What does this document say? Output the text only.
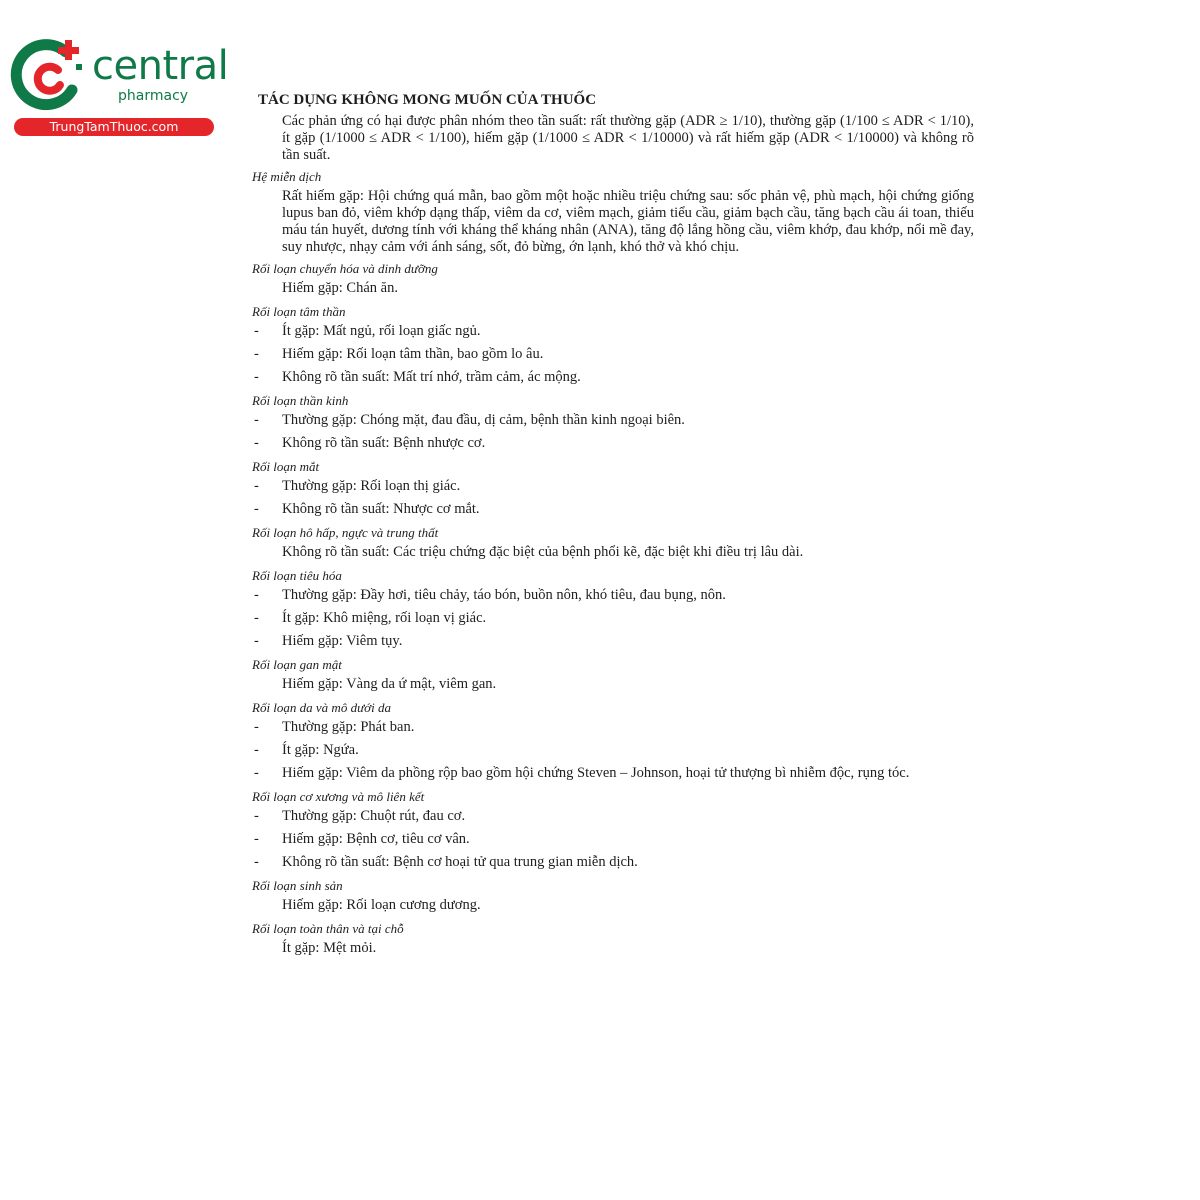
central
pharmacy
TrungTamThuoc.com
TÁC DỤNG KHÔNG MONG MUỐN CỦA THUỐC
Các phản ứng có hại được phân nhóm theo tần suất: rất thường gặp (ADR ≥ 1/10), thường gặp (1/100 ≤ ADR < 1/10), ít gặp (1/1000 ≤ ADR < 1/100), hiếm gặp (1/1000 ≤ ADR < 1/10000) và rất hiếm gặp (ADR < 1/10000) và không rõ tần suất.
Hệ miễn dịch
Rất hiếm gặp: Hội chứng quá mẫn, bao gồm một hoặc nhiều triệu chứng sau: sốc phản vệ, phù mạch, hội chứng giống lupus ban đỏ, viêm khớp dạng thấp, viêm da cơ, viêm mạch, giảm tiểu cầu, giảm bạch cầu, tăng bạch cầu ái toan, thiếu máu tán huyết, dương tính với kháng thể kháng nhân (ANA), tăng độ lắng hồng cầu, viêm khớp, đau khớp, nổi mề đay, suy nhược, nhạy cảm với ánh sáng, sốt, đỏ bừng, ớn lạnh, khó thở và khó chịu.
Rối loạn chuyển hóa và dinh dưỡng
Hiếm gặp: Chán ăn.
Rối loạn tâm thần
- Ít gặp: Mất ngủ, rối loạn giấc ngủ.
- Hiếm gặp: Rối loạn tâm thần, bao gồm lo âu.
- Không rõ tần suất: Mất trí nhớ, trầm cảm, ác mộng.
Rối loạn thần kinh
- Thường gặp: Chóng mặt, đau đầu, dị cảm, bệnh thần kinh ngoại biên.
- Không rõ tần suất: Bệnh nhược cơ.
Rối loạn mắt
- Thường gặp: Rối loạn thị giác.
- Không rõ tần suất: Nhược cơ mắt.
Rối loạn hô hấp, ngực và trung thất
Không rõ tần suất: Các triệu chứng đặc biệt của bệnh phổi kẽ, đặc biệt khi điều trị lâu dài.
Rối loạn tiêu hóa
- Thường gặp: Đầy hơi, tiêu chảy, táo bón, buồn nôn, khó tiêu, đau bụng, nôn.
- Ít gặp: Khô miệng, rối loạn vị giác.
- Hiếm gặp: Viêm tụy.
Rối loạn gan mật
Hiếm gặp: Vàng da ứ mật, viêm gan.
Rối loạn da và mô dưới da
- Thường gặp: Phát ban.
- Ít gặp: Ngứa.
- Hiếm gặp: Viêm da phồng rộp bao gồm hội chứng Steven – Johnson, hoại tử thượng bì nhiễm độc, rụng tóc.
Rối loạn cơ xương và mô liên kết
- Thường gặp: Chuột rút, đau cơ.
- Hiếm gặp: Bệnh cơ, tiêu cơ vân.
- Không rõ tần suất: Bệnh cơ hoại tử qua trung gian miễn dịch.
Rối loạn sinh sản
Hiếm gặp: Rối loạn cương dương.
Rối loạn toàn thân và tại chỗ
Ít gặp: Mệt mỏi.
